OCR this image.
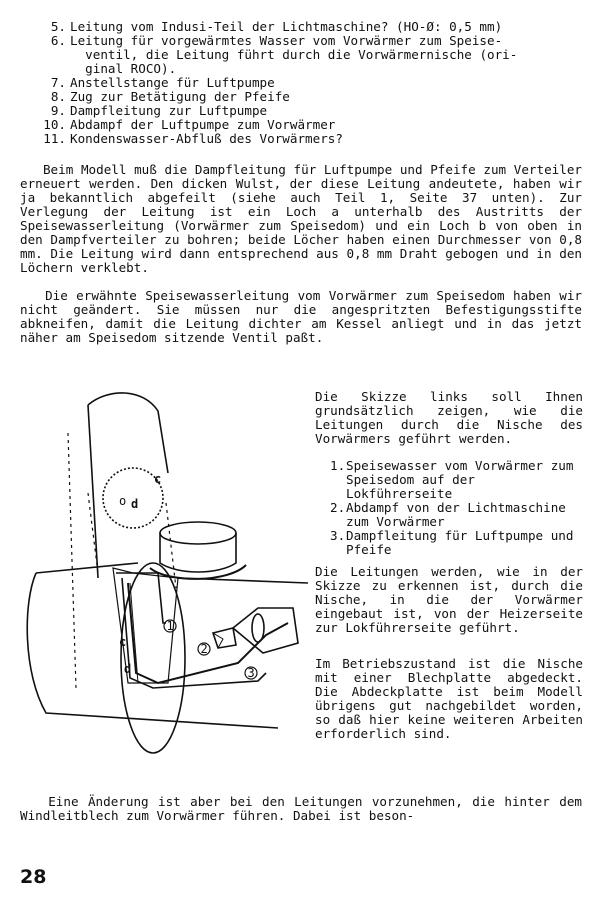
5. Leitung vom Indusi-Teil der Lichtmaschine? (HO-Ø: 0,5 mm)
6. Leitung für vorgewärmtes Wasser vom Vorwärmer zum Speise-
ventil, die Leitung führt durch die Vorwärmernische (ori-
ginal ROCO).
7. Anstellstange für Luftpumpe
8. Zug zur Betätigung der Pfeife
9. Dampfleitung zur Luftpumpe
10. Abdampf der Luftpumpe zum Vorwärmer
11. Kondenswasser-Abfluß des Vorwärmers?

Beim Modell muß die Dampfleitung für Luftpumpe und Pfeife zum Verteiler erneuert werden. Den dicken Wulst, der diese Leitung andeutete, haben wir ja bekanntlich abgefeilt (siehe auch Teil 1, Seite 37 unten). Zur Verlegung der Leitung ist ein Loch a unterhalb des Austritts der Speisewasserleitung (Vorwärmer zum Speisedom) und ein Loch b von oben in den Dampfverteiler zu bohren; beide Löcher haben einen Durchmesser von 0,8 mm. Die Leitung wird dann entsprechend aus 0,8 mm Draht gebogen und in den Löchern verklebt.

Die erwähnte Speisewasserleitung vom Vorwärmer zum Speisedom haben wir nicht geändert. Sie müssen nur die angespritzten Befestigungsstifte abkneifen, damit die Leitung dichter am Kessel anliegt und in das jetzt näher am Speisedom sitzende Ventil paßt.

c
d
o
c
d
1
2
3

Die Skizze links soll Ihnen grundsätzlich zeigen, wie die Leitungen durch die Nische des Vorwärmers geführt werden.

1. Speisewasser vom Vorwärmer zum Speisedom auf der Lokführerseite
2. Abdampf von der Lichtmaschine zum Vorwärmer
3. Dampfleitung für Luftpumpe und Pfeife

Die Leitungen werden, wie in der Skizze zu erkennen ist, durch die Nische, in die der Vorwärmer eingebaut ist, von der Heizerseite zur Lokführerseite geführt.

Im Betriebszustand ist die Nische mit einer Blechplatte abgedeckt. Die Abdeckplatte ist beim Modell übrigens gut nachgebildet worden, so daß hier keine weiteren Arbeiten erforderlich sind.

Eine Änderung ist aber bei den Leitungen vorzunehmen, die hinter dem Windleitblech zum Vorwärmer führen. Dabei ist beson-

28
